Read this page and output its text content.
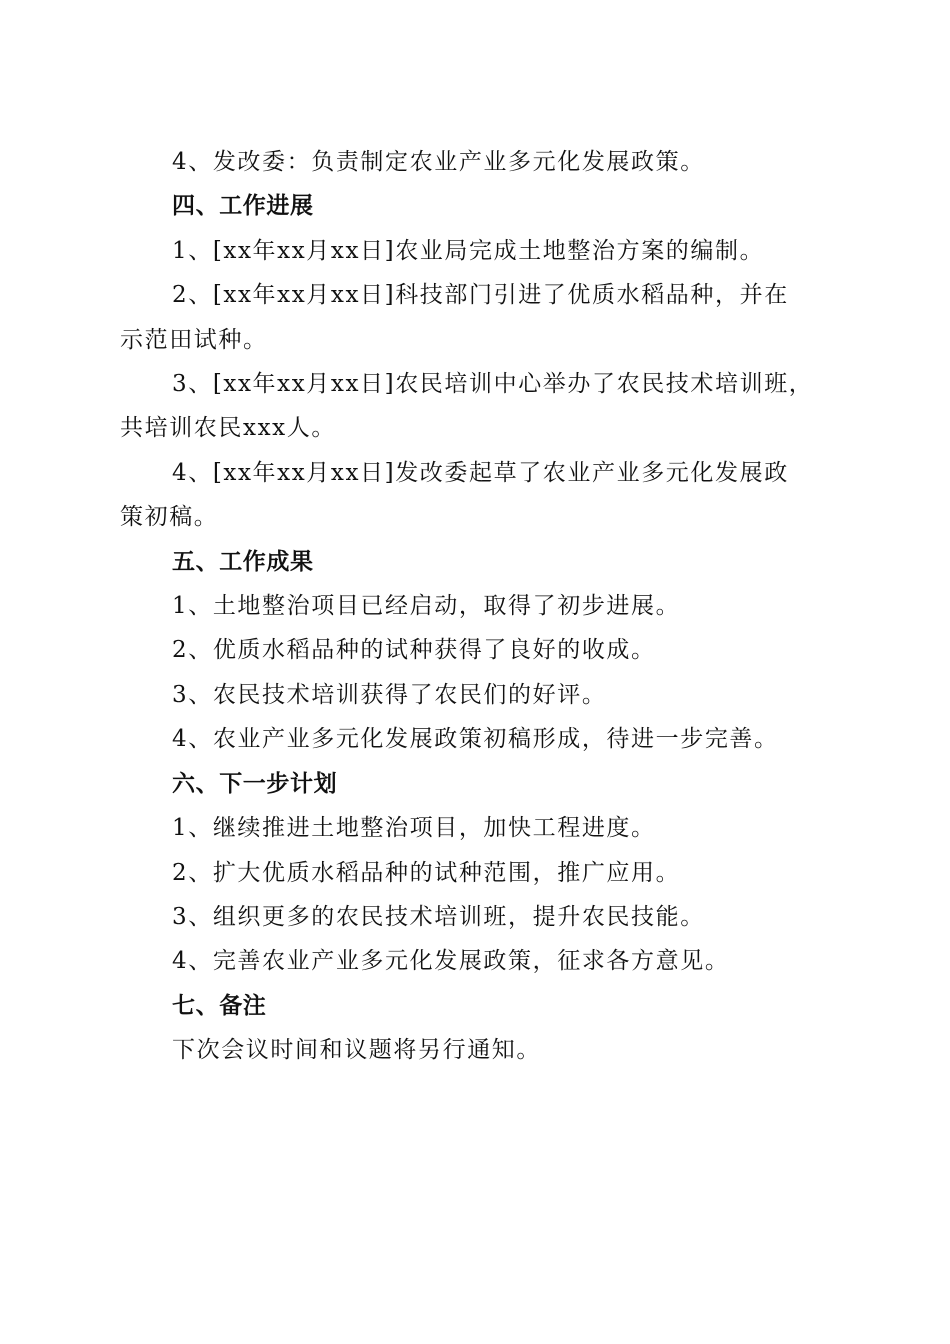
4、发改委：负责制定农业产业多元化发展政策。
四、工作进展
1、[xx年xx月xx日]农业局完成土地整治方案的编制。
2、[xx年xx月xx日]科技部门引进了优质水稻品种，并在
示范田试种。
3、[xx年xx月xx日]农民培训中心举办了农民技术培训班，
共培训农民xxx人。
4、[xx年xx月xx日]发改委起草了农业产业多元化发展政
策初稿。
五、工作成果
1、土地整治项目已经启动，取得了初步进展。
2、优质水稻品种的试种获得了良好的收成。
3、农民技术培训获得了农民们的好评。
4、农业产业多元化发展政策初稿形成，待进一步完善。
六、下一步计划
1、继续推进土地整治项目，加快工程进度。
2、扩大优质水稻品种的试种范围，推广应用。
3、组织更多的农民技术培训班，提升农民技能。
4、完善农业产业多元化发展政策，征求各方意见。
七、备注
下次会议时间和议题将另行通知。
